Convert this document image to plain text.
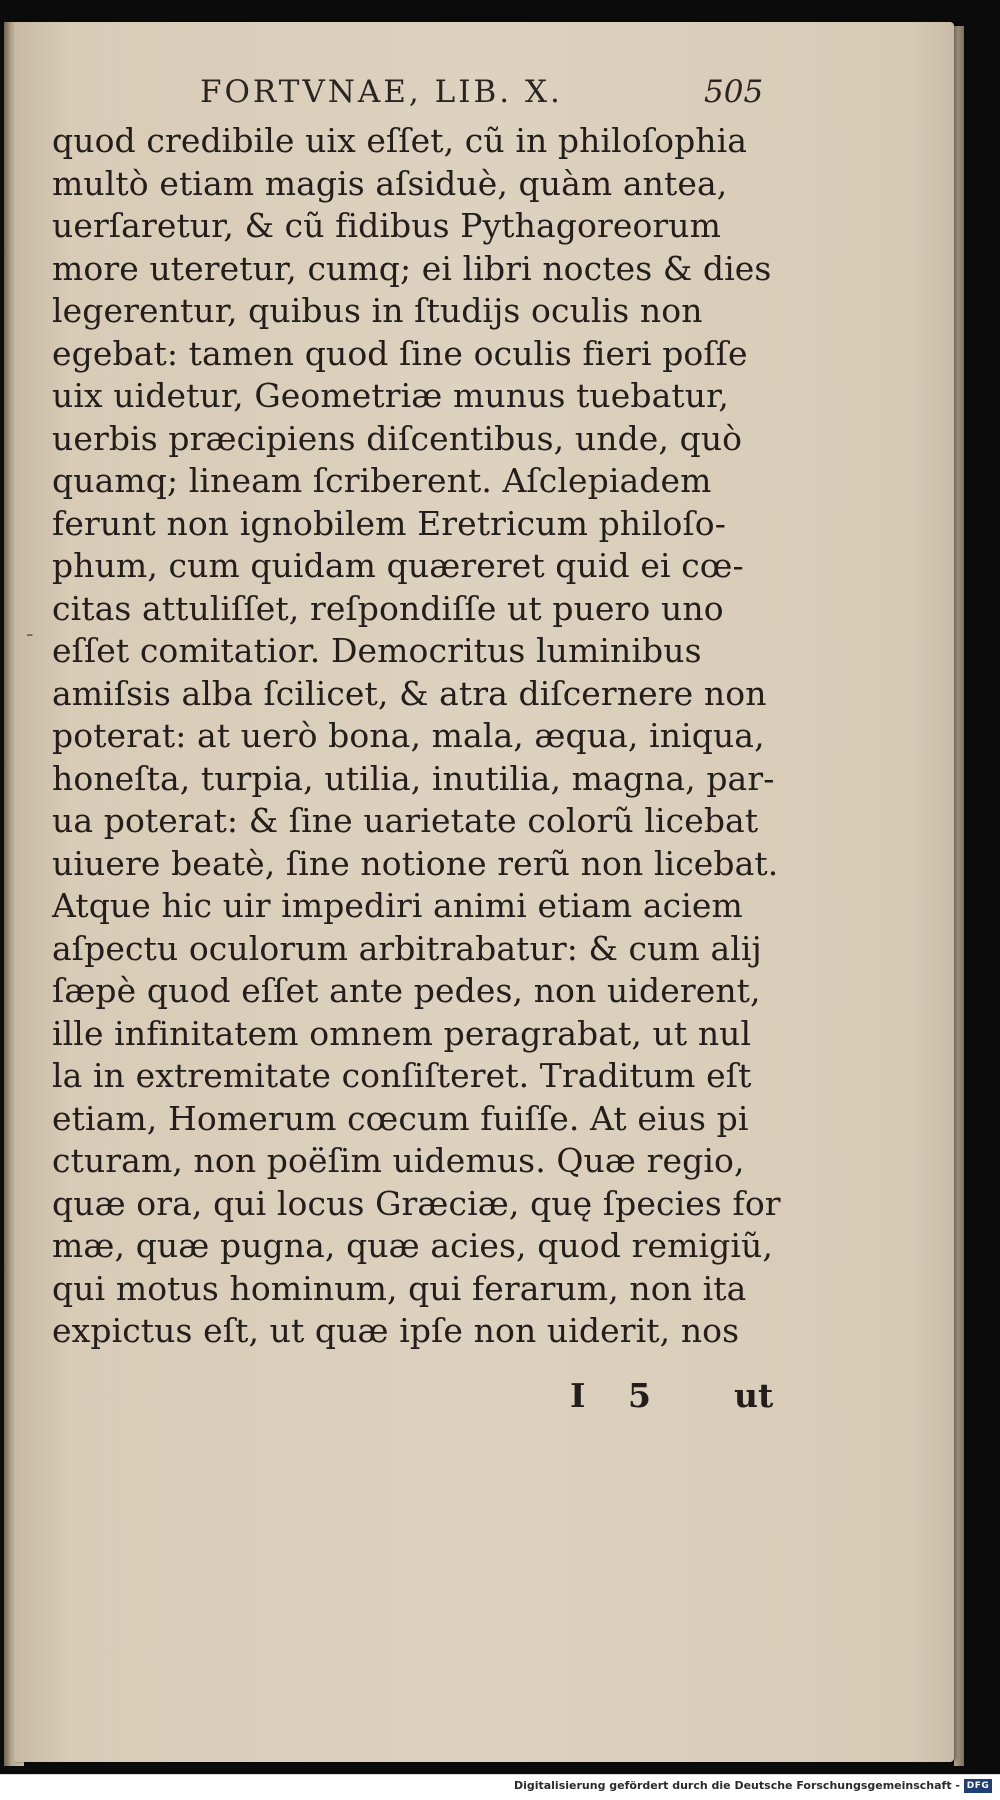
FORTVNAE, LIB. X.	505
-
quod credibile uix eſſet, cũ in philoſophia
multò etiam magis aſsiduè, quàm antea,
uerſaretur, & cũ fidibus Pythagoreorum
more uteretur, cumq; ei libri noctes & dies
legerentur, quibus in ſtudijs oculis non
egebat: tamen quod ſine oculis fieri poſſe
uix uidetur, Geometriæ munus tuebatur,
uerbis præcipiens diſcentibus, unde, quò
quamq; lineam ſcriberent. Aſclepiadem
ferunt non ignobilem Eretricum philoſo-
phum, cum quidam quæreret quid ei cœ-
citas attuliſſet, reſpondiſſe ut puero uno
eſſet comitatior. Democritus luminibus
amiſsis alba ſcilicet, & atra diſcernere non
poterat: at uerò bona, mala, æqua, iniqua,
honeſta, turpia, utilia, inutilia, magna, par-
ua poterat: & ſine uarietate colorũ licebat
uiuere beatè, ſine notione rerũ non licebat.
Atque hic uir impediri animi etiam aciem
aſpectu oculorum arbitrabatur: & cum alij
ſæpè quod eſſet ante pedes, non uiderent,
ille infinitatem omnem peragrabat, ut nul
la in extremitate conſiſteret. Traditum eſt
etiam, Homerum cœcum fuiſſe. At eius pi
cturam, non poëſim uidemus. Quæ regio,
quæ ora, qui locus Græciæ, quę ſpecies for
mæ, quæ pugna, quæ acies, quod remigiũ,
qui motus hominum, qui ferarum, non ita
expictus eſt, ut quæ ipſe non uiderit, nos
I 5	ut
Digitalisierung gefördert durch die Deutsche Forschungsgemeinschaft - DFG
